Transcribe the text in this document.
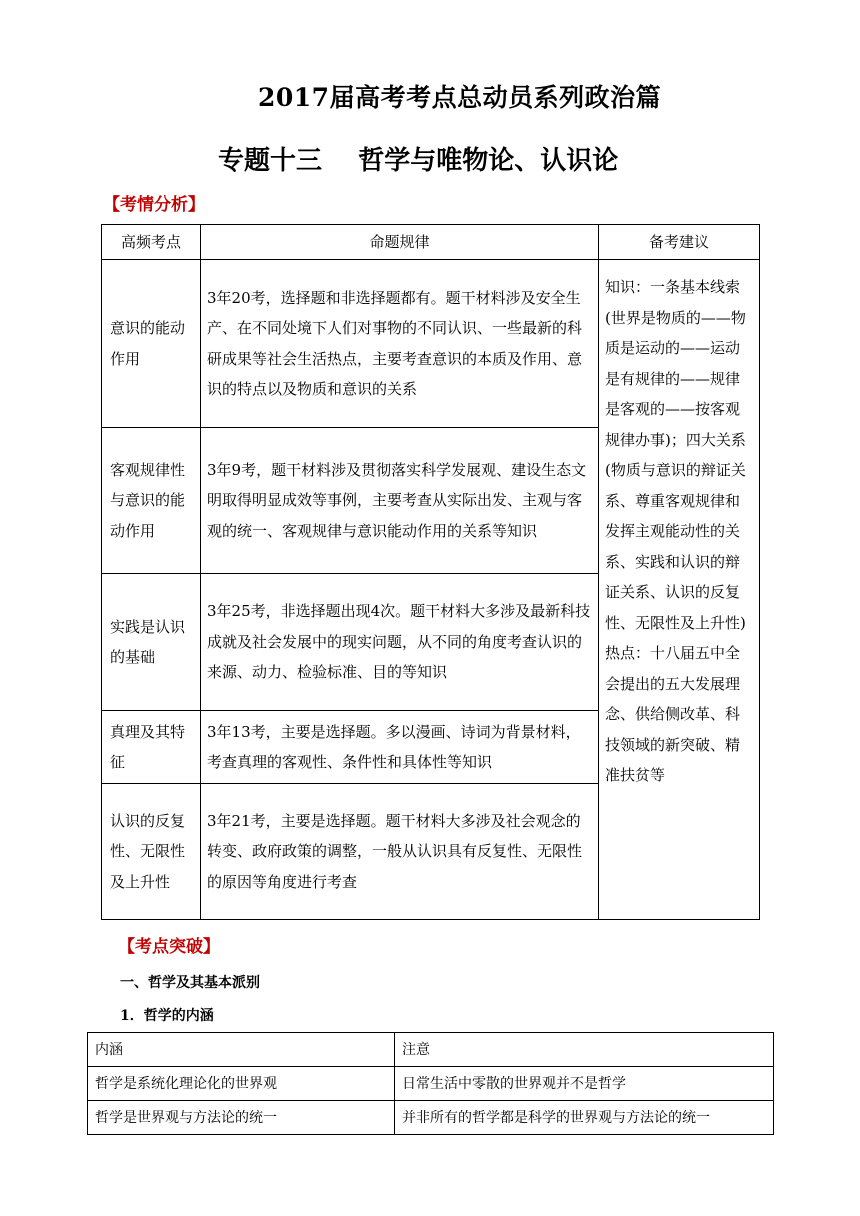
2017届高考考点总动员系列政治篇
专题十三    哲学与唯物论、认识论
【考情分析】
高频考点	命题规律	备考建议
意识的能动作用	3年20考，选择题和非选择题都有。题干材料涉及安全生产、在不同处境下人们对事物的不同认识、一些最新的科研成果等社会生活热点，主要考查意识的本质及作用、意识的特点以及物质和意识的关系	知识：一条基本线索(世界是物质的——物质是运动的——运动是有规律的——规律是客观的——按客观规律办事)；四大关系(物质与意识的辩证关系、尊重客观规律和发挥主观能动性的关系、实践和认识的辩证关系、认识的反复性、无限性及上升性)热点：十八届五中全会提出的五大发展理念、供给侧改革、科技领域的新突破、精准扶贫等
客观规律性与意识的能动作用	3年9考，题干材料涉及贯彻落实科学发展观、建设生态文明取得明显成效等事例，主要考查从实际出发、主观与客观的统一、客观规律与意识能动作用的关系等知识	
实践是认识的基础	3年25考，非选择题出现4次。题干材料大多涉及最新科技成就及社会发展中的现实问题，从不同的角度考查认识的来源、动力、检验标准、目的等知识	
真理及其特征	3年13考，主要是选择题。多以漫画、诗词为背景材料，考查真理的客观性、条件性和具体性等知识	
认识的反复性、无限性及上升性	3年21考，主要是选择题。题干材料大多涉及社会观念的转变、政府政策的调整，一般从认识具有反复性、无限性的原因等角度进行考查	
【考点突破】
一、哲学及其基本派别
1．哲学的内涵
内涵	注意
哲学是系统化理论化的世界观	日常生活中零散的世界观并不是哲学
哲学是世界观与方法论的统一	并非所有的哲学都是科学的世界观与方法论的统一
